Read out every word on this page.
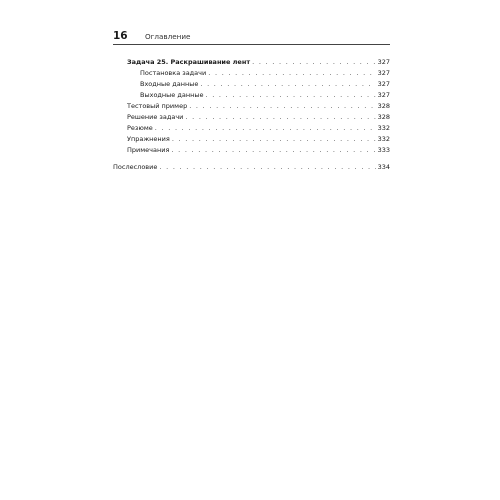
16 Оглавление
Задача 25. Раскрашивание лент . . .	327
Постановка задачи . . .	327
Входные данные . . .	327
Выходные данные . . .	327
Тестовый пример . . .	328
Решение задачи . . .	328
Резюме . . .	332
Упражнения . . .	332
Примечания . . .	333
Послесловие . . .	334
